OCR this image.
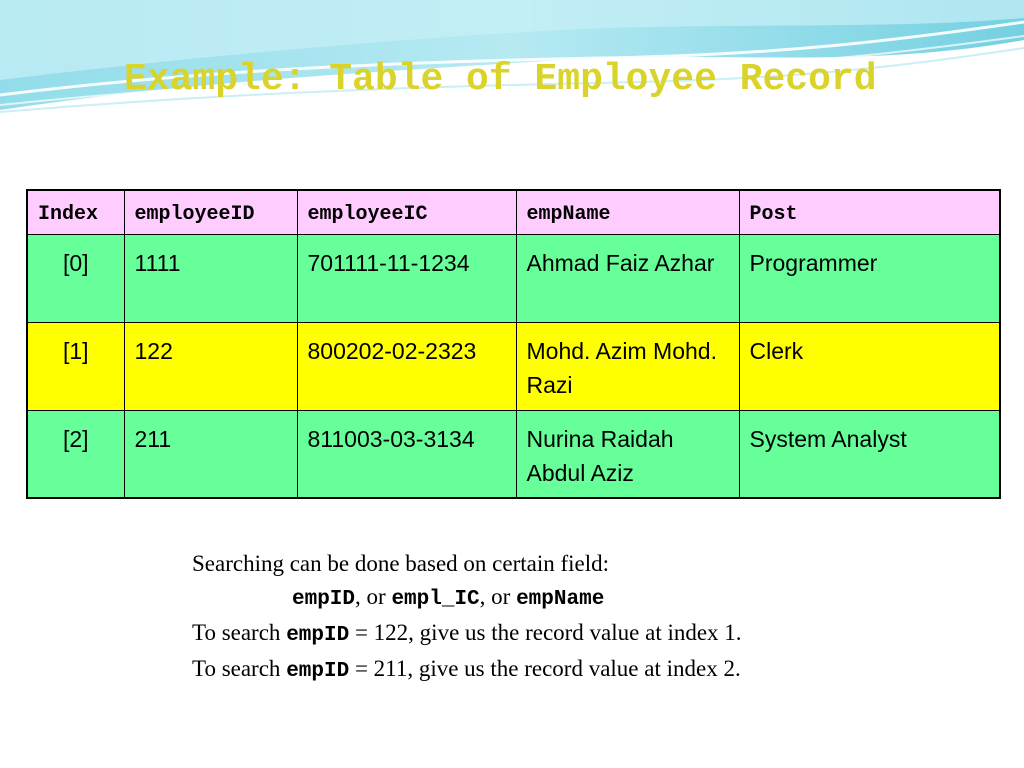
Example: Table of Employee Record
Index	employeeID	employeeIC	empName	Post
[0]	1111	701111-11-1234	Ahmad Faiz Azhar	Programmer
[1]	122	800202-02-2323	Mohd. Azim Mohd. Razi	Clerk
[2]	211	811003-03-3134	Nurina Raidah Abdul Aziz	System Analyst
Searching can be done based on certain field:
empID, or empl_IC, or empName
To search empID = 122, give us the record value at index 1.
To search empID = 211, give us the record value at index 2.
